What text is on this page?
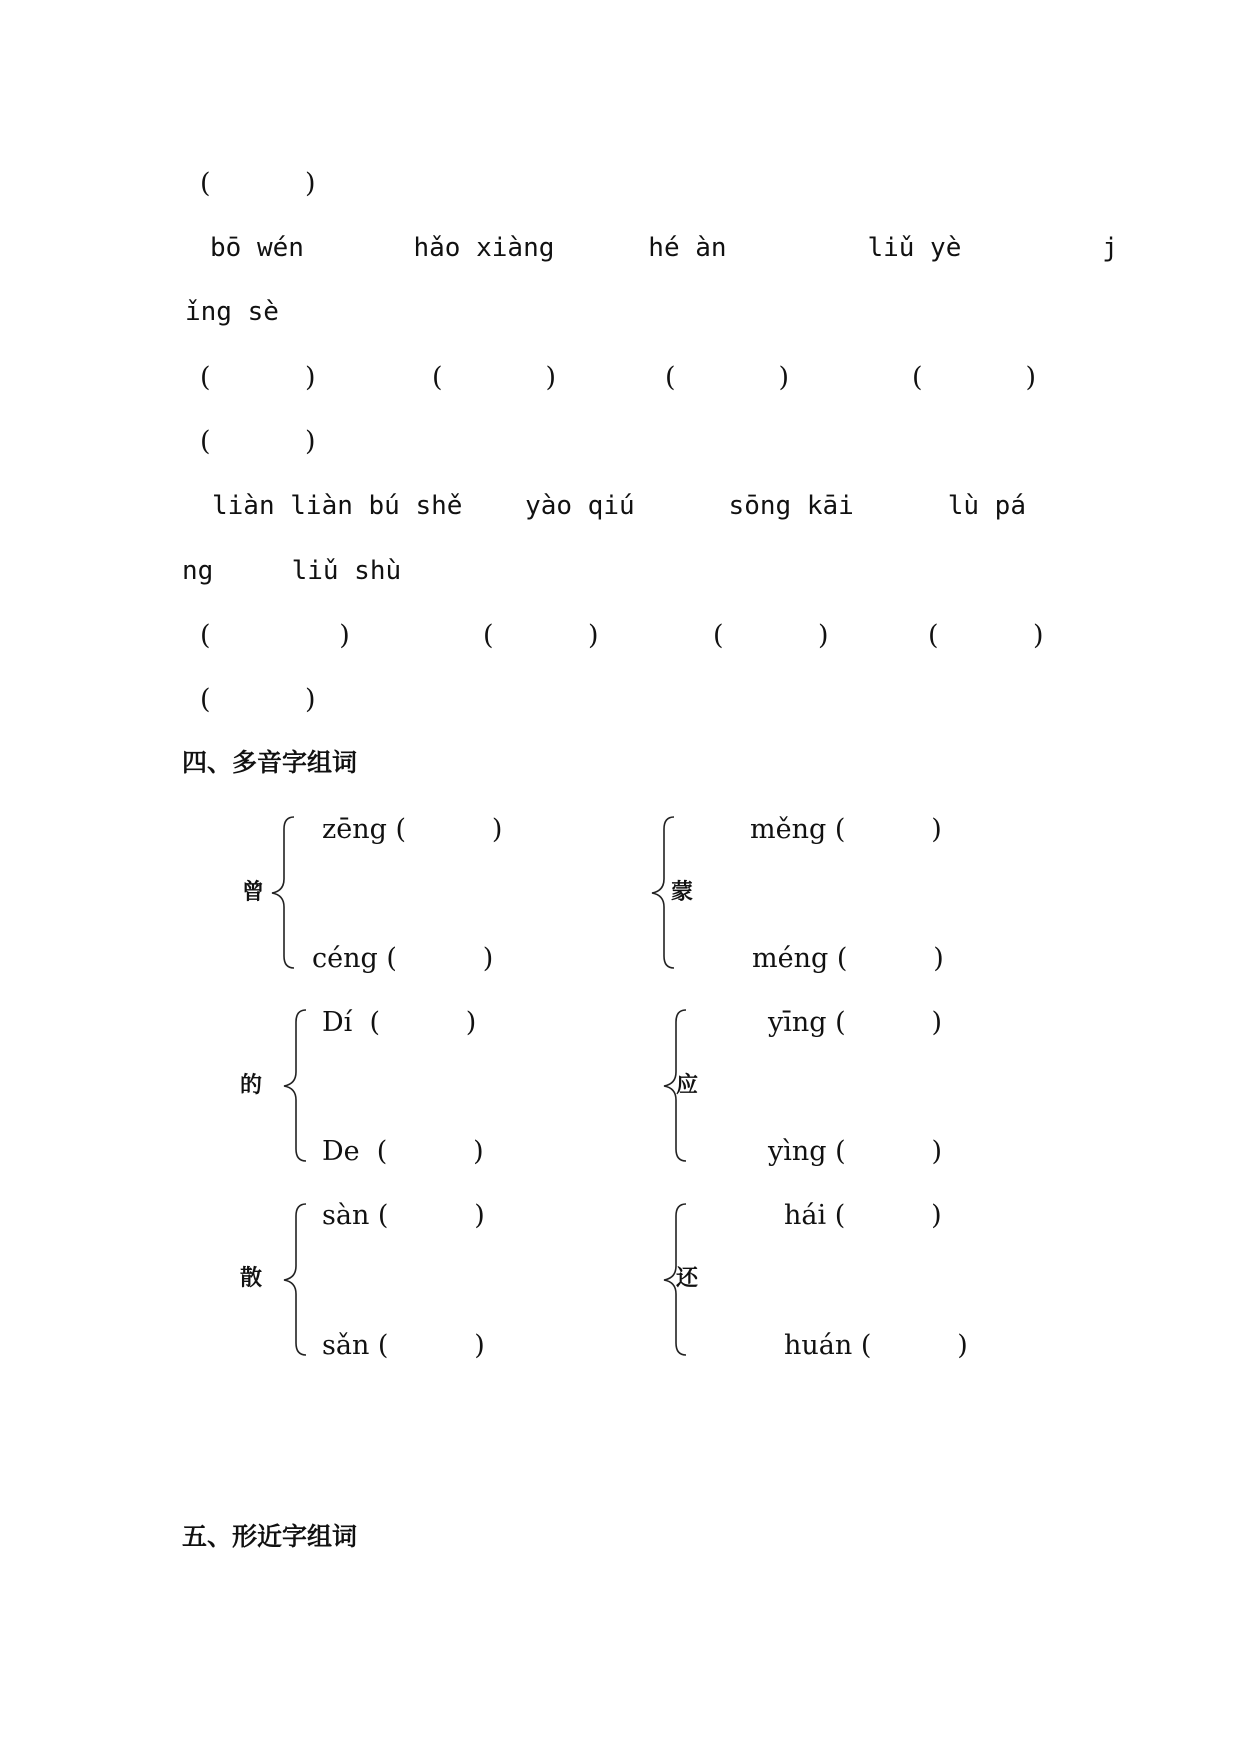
(           )
bō wén       hǎo xiàng      hé àn         liǔ yè         j
ǐng sè
(           )	(            )	(            )	(            )
(           )
liàn liàn bú shě    yào qiú      sōng kāi      lù pá
ng     liǔ shù
(               )	(           )	(           )	(           )
(           )
四、多音字组词
曾
zēng (          )
céng (          )
蒙
měng (          )
méng (          )
的
Dí  (          )
De  (          )
应
yīng (          )
yìng (          )
散
sàn (          )
sǎn (          )
还
hái (          )
huán (          )
五、形近字组词
